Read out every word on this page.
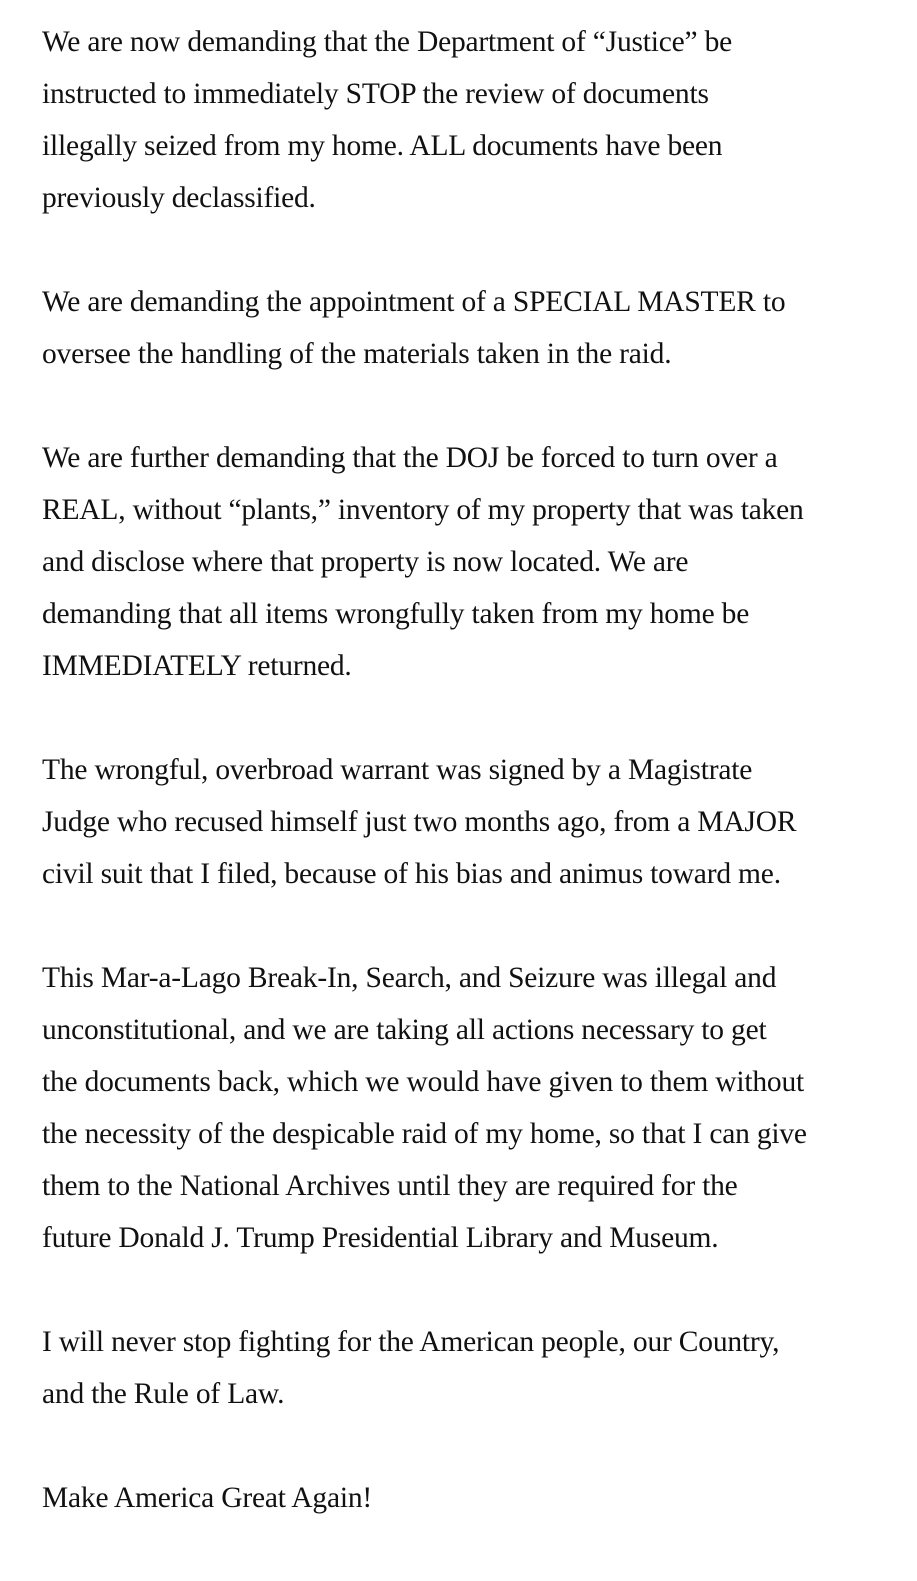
We are now demanding that the Department of “Justice” be
instructed to immediately STOP the review of documents
illegally seized from my home. ALL documents have been
previously declassified.

We are demanding the appointment of a SPECIAL MASTER to
oversee the handling of the materials taken in the raid.

We are further demanding that the DOJ be forced to turn over a
REAL, without “plants,” inventory of my property that was taken
and disclose where that property is now located. We are
demanding that all items wrongfully taken from my home be
IMMEDIATELY returned.

The wrongful, overbroad warrant was signed by a Magistrate
Judge who recused himself just two months ago, from a MAJOR
civil suit that I filed, because of his bias and animus toward me.

This Mar-a-Lago Break-In, Search, and Seizure was illegal and
unconstitutional, and we are taking all actions necessary to get
the documents back, which we would have given to them without
the necessity of the despicable raid of my home, so that I can give
them to the National Archives until they are required for the
future Donald J. Trump Presidential Library and Museum.

I will never stop fighting for the American people, our Country,
and the Rule of Law.

Make America Great Again!
